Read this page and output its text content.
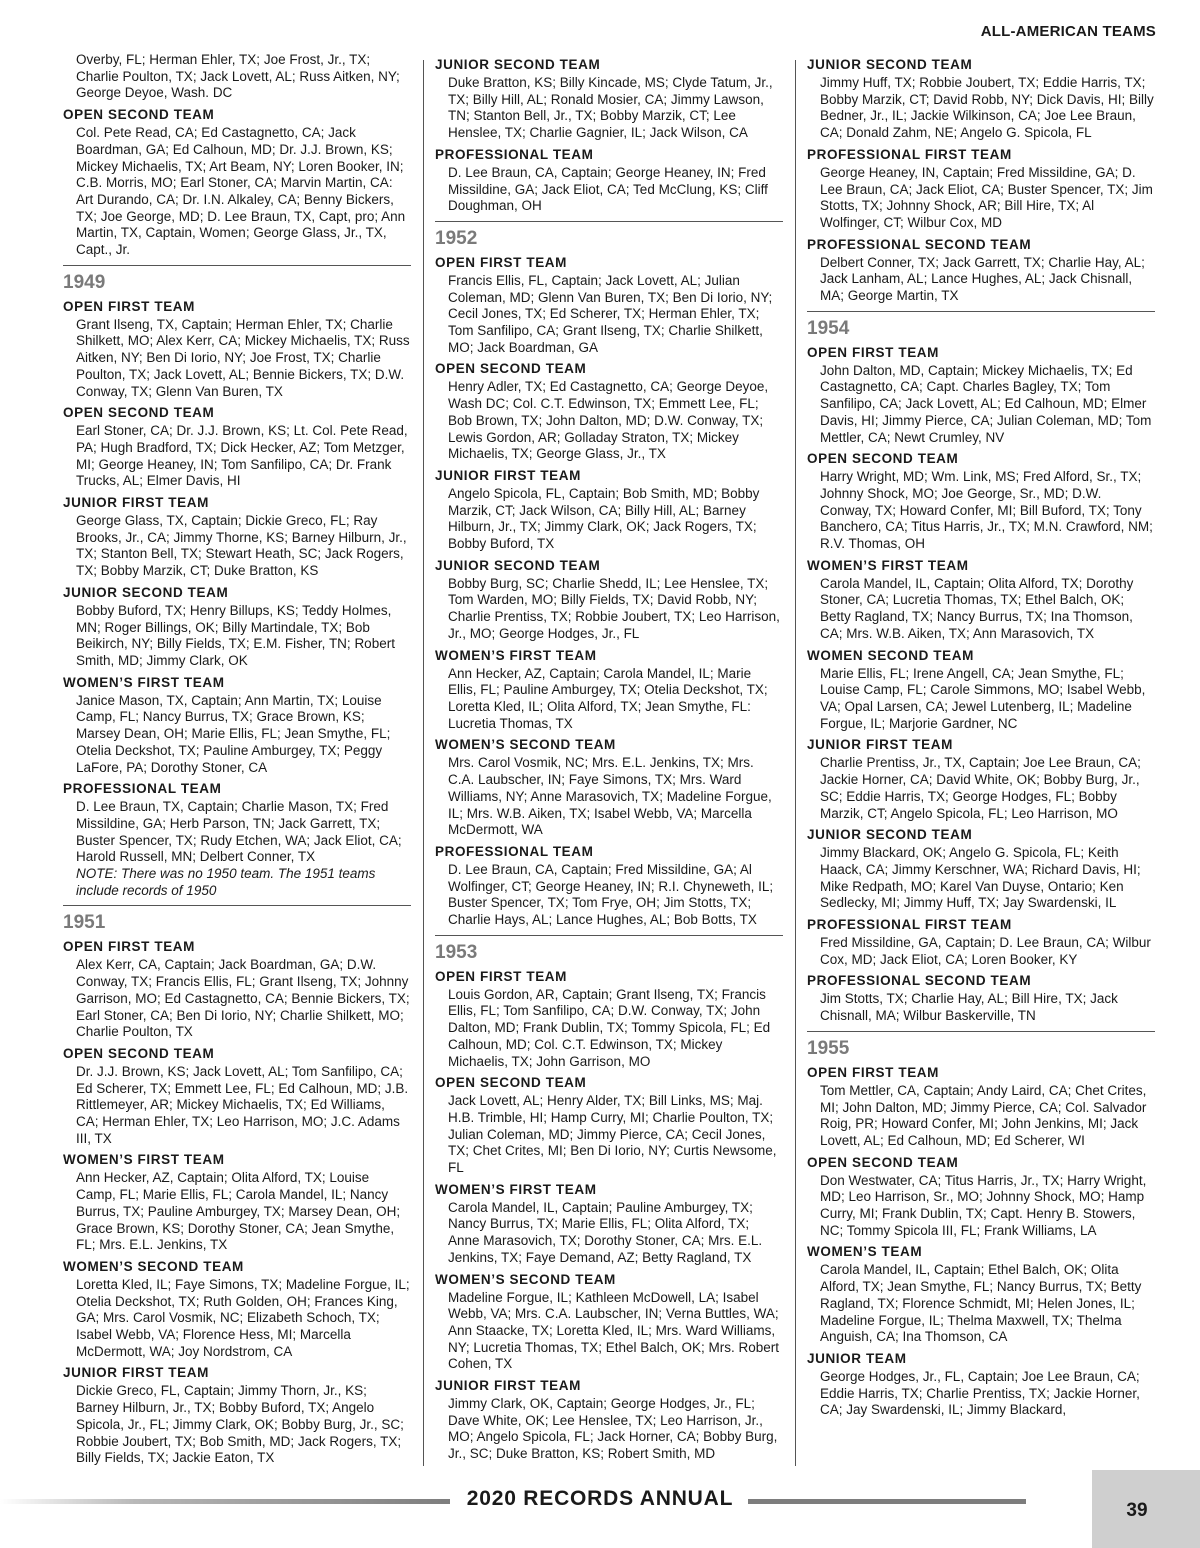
ALL-AMERICAN TEAMS
Overby, FL; Herman Ehler, TX; Joe Frost, Jr., TX; Charlie Poulton, TX; Jack Lovett, AL; Russ Aitken, NY; George Deyoe, Wash. DC
OPEN SECOND TEAM
Col. Pete Read, CA; Ed Castagnetto, CA; Jack Boardman, GA; Ed Calhoun, MD; Dr. J.J. Brown, KS; Mickey Michaelis, TX; Art Beam, NY; Loren Booker, IN; C.B. Morris, MO; Earl Stoner, CA; Marvin Martin, CA: Art Durando, CA; Dr. I.N. Alkaley, CA; Benny Bickers, TX; Joe George, MD; D. Lee Braun, TX, Capt, pro; Ann Martin, TX, Captain, Women; George Glass, Jr., TX, Capt., Jr.
1949
OPEN FIRST TEAM
Grant Ilseng, TX, Captain; Herman Ehler, TX; Charlie Shilkett, MO; Alex Kerr, CA; Mickey Michaelis, TX; Russ Aitken, NY; Ben Di Iorio, NY; Joe Frost, TX; Charlie Poulton, TX; Jack Lovett, AL; Bennie Bickers, TX; D.W. Conway, TX; Glenn Van Buren, TX
OPEN SECOND TEAM
Earl Stoner, CA; Dr. J.J. Brown, KS; Lt. Col. Pete Read, PA; Hugh Bradford, TX; Dick Hecker, AZ; Tom Metzger, MI; George Heaney, IN; Tom Sanfilipo, CA; Dr. Frank Trucks, AL; Elmer Davis, HI
JUNIOR FIRST TEAM
George Glass, TX, Captain; Dickie Greco, FL; Ray Brooks, Jr., CA; Jimmy Thorne, KS; Barney Hilburn, Jr., TX; Stanton Bell, TX; Stewart Heath, SC; Jack Rogers, TX; Bobby Marzik, CT; Duke Bratton, KS
JUNIOR SECOND TEAM
Bobby Buford, TX; Henry Billups, KS; Teddy Holmes, MN; Roger Billings, OK; Billy Martindale, TX; Bob Beikirch, NY; Billy Fields, TX; E.M. Fisher, TN; Robert Smith, MD; Jimmy Clark, OK
WOMEN’S FIRST TEAM
Janice Mason, TX, Captain; Ann Martin, TX; Louise Camp, FL; Nancy Burrus, TX; Grace Brown, KS; Marsey Dean, OH; Marie Ellis, FL; Jean Smythe, FL; Otelia Deckshot, TX; Pauline Amburgey, TX; Peggy LaFore, PA; Dorothy Stoner, CA
PROFESSIONAL TEAM
D. Lee Braun, TX, Captain; Charlie Mason, TX; Fred Missildine, GA; Herb Parson, TN; Jack Garrett, TX; Buster Spencer, TX; Rudy Etchen, WA; Jack Eliot, CA; Harold Russell, MN; Delbert Conner, TX
NOTE: There was no 1950 team. The 1951 teams include records of 1950
1951
OPEN FIRST TEAM
Alex Kerr, CA, Captain; Jack Boardman, GA; D.W. Conway, TX; Francis Ellis, FL; Grant Ilseng, TX; Johnny Garrison, MO; Ed Castagnetto, CA; Bennie Bickers, TX; Earl Stoner, CA; Ben Di Iorio, NY; Charlie Shilkett, MO; Charlie Poulton, TX
OPEN SECOND TEAM
Dr. J.J. Brown, KS; Jack Lovett, AL; Tom Sanfilipo, CA; Ed Scherer, TX; Emmett Lee, FL; Ed Calhoun, MD; J.B. Rittlemeyer, AR; Mickey Michaelis, TX; Ed Williams, CA; Herman Ehler, TX; Leo Harrison, MO; J.C. Adams III, TX
WOMEN’S FIRST TEAM
Ann Hecker, AZ, Captain; Olita Alford, TX; Louise Camp, FL; Marie Ellis, FL; Carola Mandel, IL; Nancy Burrus, TX; Pauline Amburgey, TX; Marsey Dean, OH; Grace Brown, KS; Dorothy Stoner, CA; Jean Smythe, FL; Mrs. E.L. Jenkins, TX
WOMEN’S SECOND TEAM
Loretta Kled, IL; Faye Simons, TX; Madeline Forgue, IL; Otelia Deckshot, TX; Ruth Golden, OH; Frances King, GA; Mrs. Carol Vosmik, NC; Elizabeth Schoch, TX; Isabel Webb, VA; Florence Hess, MI; Marcella McDermott, WA; Joy Nordstrom, CA
JUNIOR FIRST TEAM
Dickie Greco, FL, Captain; Jimmy Thorn, Jr., KS; Barney Hilburn, Jr., TX; Bobby Buford, TX; Angelo Spicola, Jr., FL; Jimmy Clark, OK; Bobby Burg, Jr., SC; Robbie Joubert, TX; Bob Smith, MD; Jack Rogers, TX; Billy Fields, TX; Jackie Eaton, TX
JUNIOR SECOND TEAM
Duke Bratton, KS; Billy Kincade, MS; Clyde Tatum, Jr., TX; Billy Hill, AL; Ronald Mosier, CA; Jimmy Lawson, TN; Stanton Bell, Jr., TX; Bobby Marzik, CT; Lee Henslee, TX; Charlie Gagnier, IL; Jack Wilson, CA
PROFESSIONAL TEAM
D. Lee Braun, CA, Captain; George Heaney, IN; Fred Missildine, GA; Jack Eliot, CA; Ted McClung, KS; Cliff Doughman, OH
1952
OPEN FIRST TEAM
Francis Ellis, FL, Captain; Jack Lovett, AL; Julian Coleman, MD; Glenn Van Buren, TX; Ben Di Iorio, NY; Cecil Jones, TX; Ed Scherer, TX; Herman Ehler, TX; Tom Sanfilipo, CA; Grant Ilseng, TX; Charlie Shilkett, MO; Jack Boardman, GA
OPEN SECOND TEAM
Henry Adler, TX; Ed Castagnetto, CA; George Deyoe, Wash DC; Col. C.T. Edwinson, TX; Emmett Lee, FL; Bob Brown, TX; John Dalton, MD; D.W. Conway, TX; Lewis Gordon, AR; Golladay Straton, TX; Mickey Michaelis, TX; George Glass, Jr., TX
JUNIOR FIRST TEAM
Angelo Spicola, FL, Captain; Bob Smith, MD; Bobby Marzik, CT; Jack Wilson, CA; Billy Hill, AL; Barney Hilburn, Jr., TX; Jimmy Clark, OK; Jack Rogers, TX; Bobby Buford, TX
JUNIOR SECOND TEAM
Bobby Burg, SC; Charlie Shedd, IL; Lee Henslee, TX; Tom Warden, MO; Billy Fields, TX; David Robb, NY; Charlie Prentiss, TX; Robbie Joubert, TX; Leo Harrison, Jr., MO; George Hodges, Jr., FL
WOMEN’S FIRST TEAM
Ann Hecker, AZ, Captain; Carola Mandel, IL; Marie Ellis, FL; Pauline Amburgey, TX; Otelia Deckshot, TX; Loretta Kled, IL; Olita Alford, TX; Jean Smythe, FL: Lucretia Thomas, TX
WOMEN’S SECOND TEAM
Mrs. Carol Vosmik, NC; Mrs. E.L. Jenkins, TX; Mrs. C.A. Laubscher, IN; Faye Simons, TX; Mrs. Ward Williams, NY; Anne Marasovich, TX; Madeline Forgue, IL; Mrs. W.B. Aiken, TX; Isabel Webb, VA; Marcella McDermott, WA
PROFESSIONAL TEAM
D. Lee Braun, CA, Captain; Fred Missildine, GA; Al Wolfinger, CT; George Heaney, IN; R.I. Chyneweth, IL; Buster Spencer, TX; Tom Frye, OH; Jim Stotts, TX; Charlie Hays, AL; Lance Hughes, AL; Bob Botts, TX
1953
OPEN FIRST TEAM
Louis Gordon, AR, Captain; Grant Ilseng, TX; Francis Ellis, FL; Tom Sanfilipo, CA; D.W. Conway, TX; John Dalton, MD; Frank Dublin, TX; Tommy Spicola, FL; Ed Calhoun, MD; Col. C.T. Edwinson, TX; Mickey Michaelis, TX; John Garrison, MO
OPEN SECOND TEAM
Jack Lovett, AL; Henry Alder, TX; Bill Links, MS; Maj. H.B. Trimble, HI; Hamp Curry, MI; Charlie Poulton, TX; Julian Coleman, MD; Jimmy Pierce, CA; Cecil Jones, TX; Chet Crites, MI; Ben Di Iorio, NY; Curtis Newsome, FL
WOMEN’S FIRST TEAM
Carola Mandel, IL, Captain; Pauline Amburgey, TX; Nancy Burrus, TX; Marie Ellis, FL; Olita Alford, TX; Anne Marasovich, TX; Dorothy Stoner, CA; Mrs. E.L. Jenkins, TX; Faye Demand, AZ; Betty Ragland, TX
WOMEN’S SECOND TEAM
Madeline Forgue, IL; Kathleen McDowell, LA; Isabel Webb, VA; Mrs. C.A. Laubscher, IN; Verna Buttles, WA; Ann Staacke, TX; Loretta Kled, IL; Mrs. Ward Williams, NY; Lucretia Thomas, TX; Ethel Balch, OK; Mrs. Robert Cohen, TX
JUNIOR FIRST TEAM
Jimmy Clark, OK, Captain; George Hodges, Jr., FL; Dave White, OK; Lee Henslee, TX; Leo Harrison, Jr., MO; Angelo Spicola, FL; Jack Horner, CA; Bobby Burg, Jr., SC; Duke Bratton, KS; Robert Smith, MD
JUNIOR SECOND TEAM
Jimmy Huff, TX; Robbie Joubert, TX; Eddie Harris, TX; Bobby Marzik, CT; David Robb, NY; Dick Davis, HI; Billy Bedner, Jr., IL; Jackie Wilkinson, CA; Joe Lee Braun, CA; Donald Zahm, NE; Angelo G. Spicola, FL
PROFESSIONAL FIRST TEAM
George Heaney, IN, Captain; Fred Missildine, GA; D. Lee Braun, CA; Jack Eliot, CA; Buster Spencer, TX; Jim Stotts, TX; Johnny Shock, AR; Bill Hire, TX; Al Wolfinger, CT; Wilbur Cox, MD
PROFESSIONAL SECOND TEAM
Delbert Conner, TX; Jack Garrett, TX; Charlie Hay, AL; Jack Lanham, AL; Lance Hughes, AL; Jack Chisnall, MA; George Martin, TX
1954
OPEN FIRST TEAM
John Dalton, MD, Captain; Mickey Michaelis, TX; Ed Castagnetto, CA; Capt. Charles Bagley, TX; Tom Sanfilipo, CA; Jack Lovett, AL; Ed Calhoun, MD; Elmer Davis, HI; Jimmy Pierce, CA; Julian Coleman, MD; Tom Mettler, CA; Newt Crumley, NV
OPEN SECOND TEAM
Harry Wright, MD; Wm. Link, MS; Fred Alford, Sr., TX; Johnny Shock, MO; Joe George, Sr., MD; D.W. Conway, TX; Howard Confer, MI; Bill Buford, TX; Tony Banchero, CA; Titus Harris, Jr., TX; M.N. Crawford, NM; R.V. Thomas, OH
WOMEN’S FIRST TEAM
Carola Mandel, IL, Captain; Olita Alford, TX; Dorothy Stoner, CA; Lucretia Thomas, TX; Ethel Balch, OK; Betty Ragland, TX; Nancy Burrus, TX; Ina Thomson, CA; Mrs. W.B. Aiken, TX; Ann Marasovich, TX
WOMEN SECOND TEAM
Marie Ellis, FL; Irene Angell, CA; Jean Smythe, FL; Louise Camp, FL; Carole Simmons, MO; Isabel Webb, VA; Opal Larsen, CA; Jewel Lutenberg, IL; Madeline Forgue, IL; Marjorie Gardner, NC
JUNIOR FIRST TEAM
Charlie Prentiss, Jr., TX, Captain; Joe Lee Braun, CA; Jackie Horner, CA; David White, OK; Bobby Burg, Jr., SC; Eddie Harris, TX; George Hodges, FL; Bobby Marzik, CT; Angelo Spicola, FL; Leo Harrison, MO
JUNIOR SECOND TEAM
Jimmy Blackard, OK; Angelo G. Spicola, FL; Keith Haack, CA; Jimmy Kerschner, WA; Richard Davis, HI; Mike Redpath, MO; Karel Van Duyse, Ontario; Ken Sedlecky, MI; Jimmy Huff, TX; Jay Swardenski, IL
PROFESSIONAL FIRST TEAM
Fred Missildine, GA, Captain; D. Lee Braun, CA; Wilbur Cox, MD; Jack Eliot, CA; Loren Booker, KY
PROFESSIONAL SECOND TEAM
Jim Stotts, TX; Charlie Hay, AL; Bill Hire, TX; Jack Chisnall, MA; Wilbur Baskerville, TN
1955
OPEN FIRST TEAM
Tom Mettler, CA, Captain; Andy Laird, CA; Chet Crites, MI; John Dalton, MD; Jimmy Pierce, CA; Col. Salvador Roig, PR; Howard Confer, MI; John Jenkins, MI; Jack Lovett, AL; Ed Calhoun, MD; Ed Scherer, WI
OPEN SECOND TEAM
Don Westwater, CA; Titus Harris, Jr., TX; Harry Wright, MD; Leo Harrison, Sr., MO; Johnny Shock, MO; Hamp Curry, MI; Frank Dublin, TX; Capt. Henry B. Stowers, NC; Tommy Spicola III, FL; Frank Williams, LA
WOMEN’S TEAM
Carola Mandel, IL, Captain; Ethel Balch, OK; Olita Alford, TX; Jean Smythe, FL; Nancy Burrus, TX; Betty Ragland, TX; Florence Schmidt, MI; Helen Jones, IL; Madeline Forgue, IL; Thelma Maxwell, TX; Thelma Anguish, CA; Ina Thomson, CA
JUNIOR TEAM
George Hodges, Jr., FL, Captain; Joe Lee Braun, CA; Eddie Harris, TX; Charlie Prentiss, TX; Jackie Horner, CA; Jay Swardenski, IL; Jimmy Blackard,
2020 RECORDS ANNUAL
39
